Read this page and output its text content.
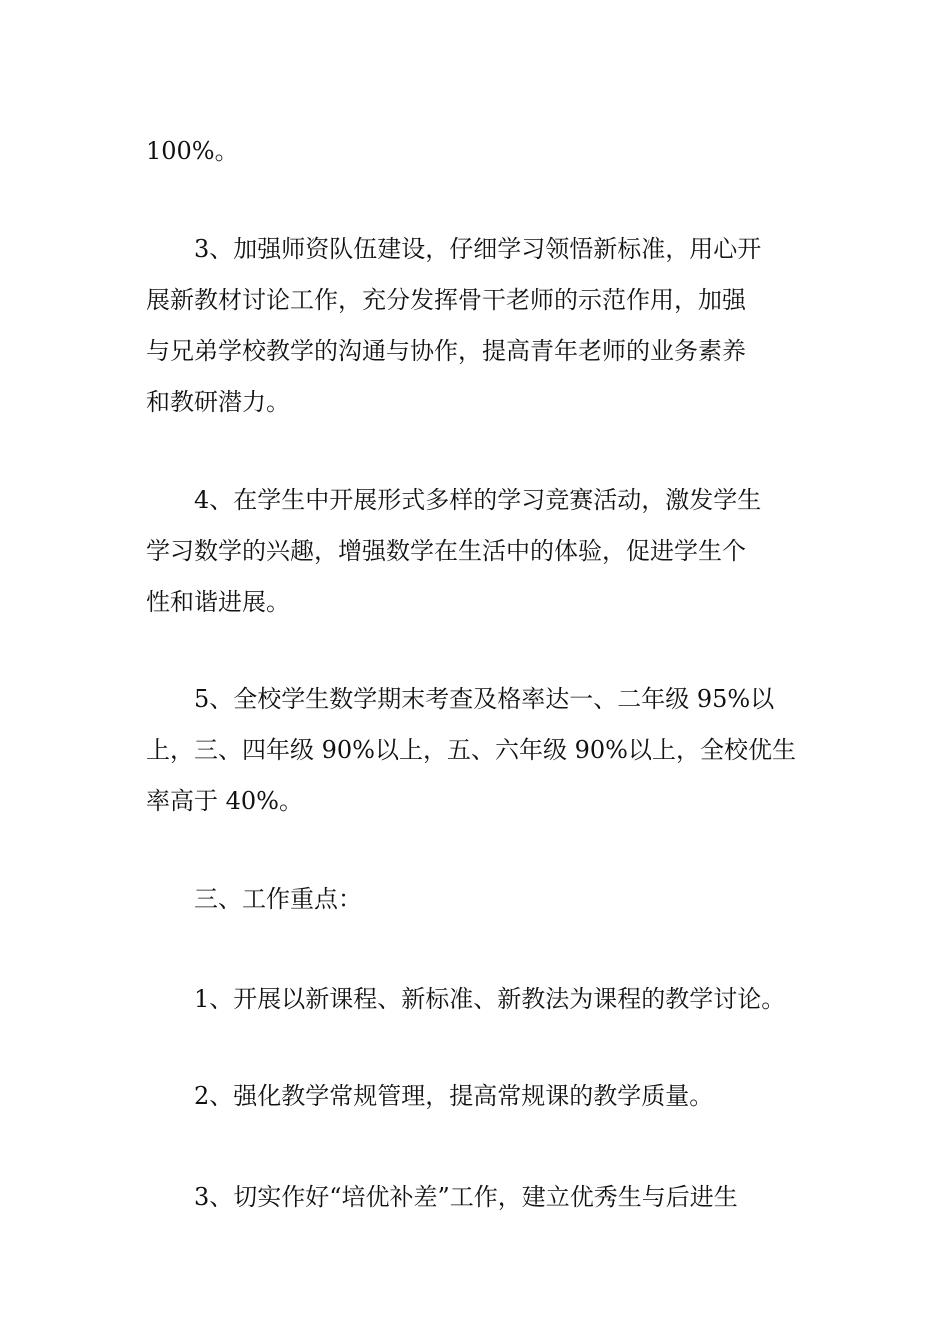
100%。
3、加强师资队伍建设，仔细学习领悟新标准，用心开
展新教材讨论工作，充分发挥骨干老师的示范作用，加强
与兄弟学校教学的沟通与协作，提高青年老师的业务素养
和教研潜力。
4、在学生中开展形式多样的学习竞赛活动，激发学生
学习数学的兴趣，增强数学在生活中的体验，促进学生个
性和谐进展。
5、全校学生数学期末考查及格率达一、二年级 95%以
上，三、四年级 90%以上，五、六年级 90%以上，全校优生
率高于 40%。
三、工作重点：
1、开展以新课程、新标准、新教法为课程的教学讨论。
2、强化教学常规管理，提高常规课的教学质量。
3、切实作好“培优补差”工作，建立优秀生与后进生
